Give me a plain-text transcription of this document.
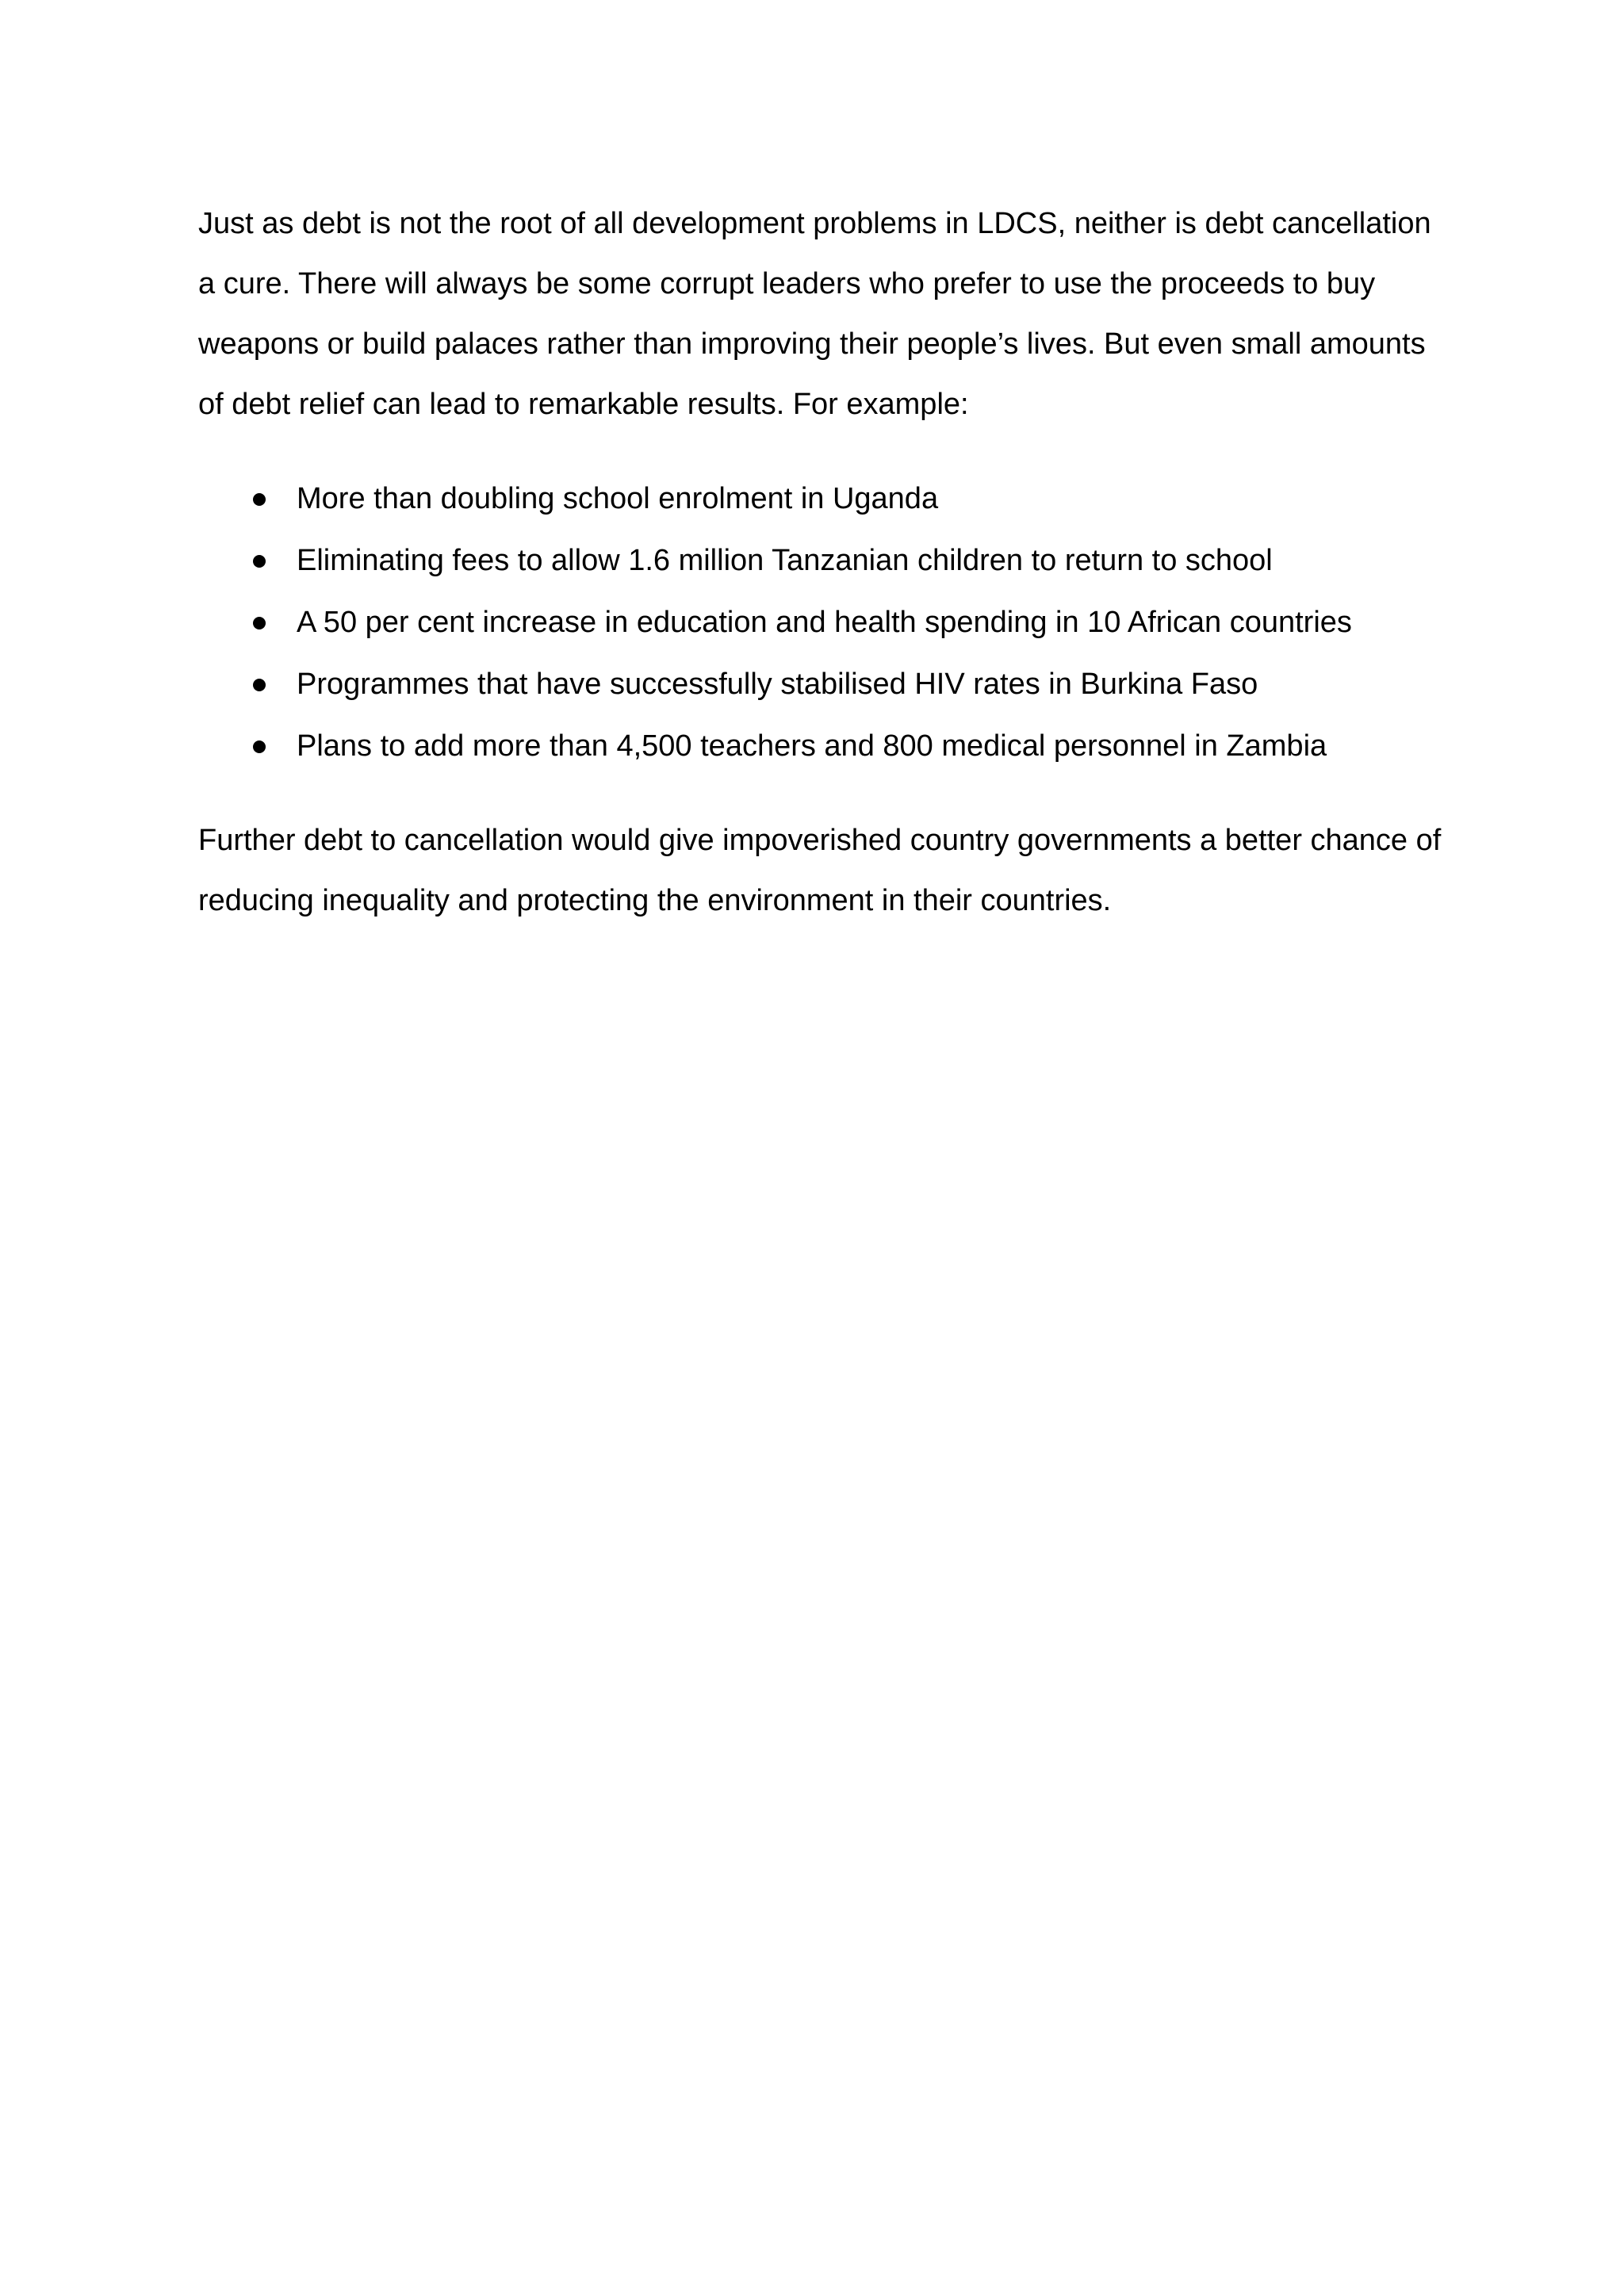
Just as debt is not the root of all development problems in LDCS, neither is debt cancellation a cure. There will always be some corrupt leaders who prefer to use the proceeds to buy weapons or build palaces rather than improving their people’s lives. But even small amounts of debt relief can lead to remarkable results. For example:

More than doubling school enrolment in Uganda
Eliminating fees to allow 1.6 million Tanzanian children to return to school
A 50 per cent increase in education and health spending in 10 African countries
Programmes that have successfully stabilised HIV rates in Burkina Faso
Plans to add more than 4,500 teachers and 800 medical personnel in Zambia

Further debt to cancellation would give impoverished country governments a better chance of reducing inequality and protecting the environment in their countries.
